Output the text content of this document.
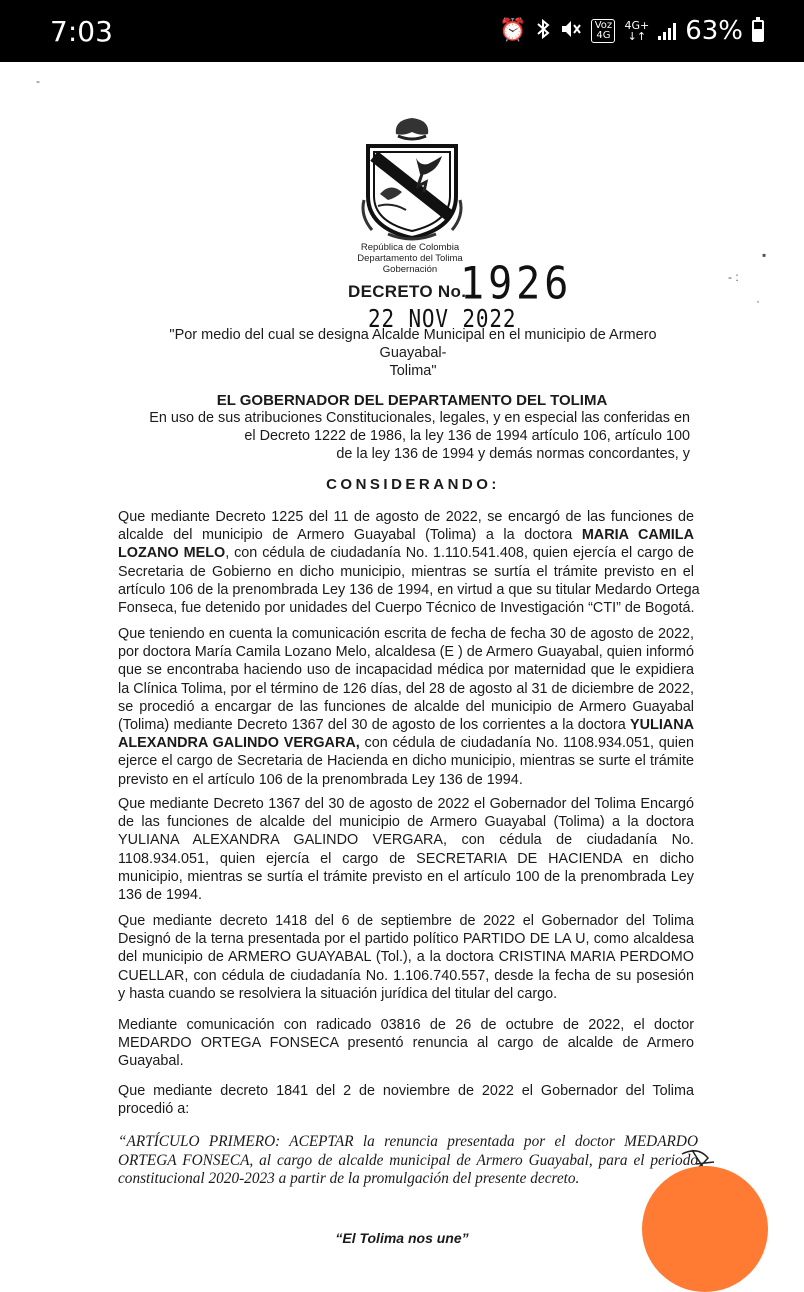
7:03	⏰	Voz 4G
4G+
↓↑ 63%
-
▪
- :
·
República de Colombia
Departamento del Tolima
Gobernación
DECRETO No.
1926
22 NOV 2022
"Por medio del cual se designa Alcalde Municipal en el municipio de Armero
Guayabal-
Tolima"
EL GOBERNADOR DEL DEPARTAMENTO DEL TOLIMA
En uso de sus atribuciones Constitucionales, legales, y en especial las conferidas en
el Decreto 1222 de 1986, la ley 136 de 1994 artículo 106, artículo 100
de la ley 136 de 1994 y demás normas concordantes, y
CONSIDERANDO:
Que mediante Decreto 1225 del 11 de agosto de 2022, se encargó de las funciones de
alcalde del municipio de Armero Guayabal (Tolima) a la doctora MARIA CAMILA
LOZANO MELO, con cédula de ciudadanía No. 1.110.541.408, quien ejercía el cargo de
Secretaria de Gobierno en dicho municipio, mientras se surtía el trámite previsto en el
artículo 106 de la prenombrada Ley 136 de 1994, en virtud a que su titular Medardo Ortega
Fonseca, fue detenido por unidades del Cuerpo Técnico de Investigación “CTI” de Bogotá.
Que teniendo en cuenta la comunicación escrita de fecha de fecha 30 de agosto de 2022,
por doctora María Camila Lozano Melo, alcaldesa (E ) de Armero Guayabal, quien informó
que se encontraba haciendo uso de incapacidad médica por maternidad que le expidiera
la Clínica Tolima, por el término de 126 días, del 28 de agosto al 31 de diciembre de 2022,
se procedió a encargar de las funciones de alcalde del municipio de Armero Guayabal
(Tolima) mediante Decreto 1367 del 30 de agosto de los corrientes a la doctora YULIANA
ALEXANDRA GALINDO VERGARA, con cédula de ciudadanía No. 1108.934.051, quien
ejerce el cargo de Secretaria de Hacienda en dicho municipio, mientras se surte el trámite
previsto en el artículo 106 de la prenombrada Ley 136 de 1994.
Que mediante Decreto 1367 del 30 de agosto de 2022 el Gobernador del Tolima Encargó
de las funciones de alcalde del municipio de Armero Guayabal (Tolima) a la doctora
YULIANA ALEXANDRA GALINDO VERGARA, con cédula de ciudadanía No.
1108.934.051, quien ejercía el cargo de SECRETARIA DE HACIENDA en dicho
municipio, mientras se surtía el trámite previsto en el artículo 100 de la prenombrada Ley
136 de 1994.
Que mediante decreto 1418 del 6 de septiembre de 2022 el Gobernador del Tolima
Designó de la terna presentada por el partido político PARTIDO DE LA U, como alcaldesa
del municipio de ARMERO GUAYABAL (Tol.), a la doctora CRISTINA MARIA PERDOMO
CUELLAR, con cédula de ciudadanía No. 1.106.740.557, desde la fecha de su posesión
y hasta cuando se resolviera la situación jurídica del titular del cargo.
Mediante comunicación con radicado 03816 de 26 de octubre de 2022, el doctor
MEDARDO ORTEGA FONSECA presentó renuncia al cargo de alcalde de Armero
Guayabal.
Que mediante decreto 1841 del 2 de noviembre de 2022 el Gobernador del Tolima
procedió a:
“ARTÍCULO PRIMERO: ACEPTAR la renuncia presentada por el doctor MEDARDO
ORTEGA FONSECA, al cargo de alcalde municipal de Armero Guayabal, para el periodo
constitucional 2020-2023 a partir de la promulgación del presente decreto.
“El Tolima nos une”
